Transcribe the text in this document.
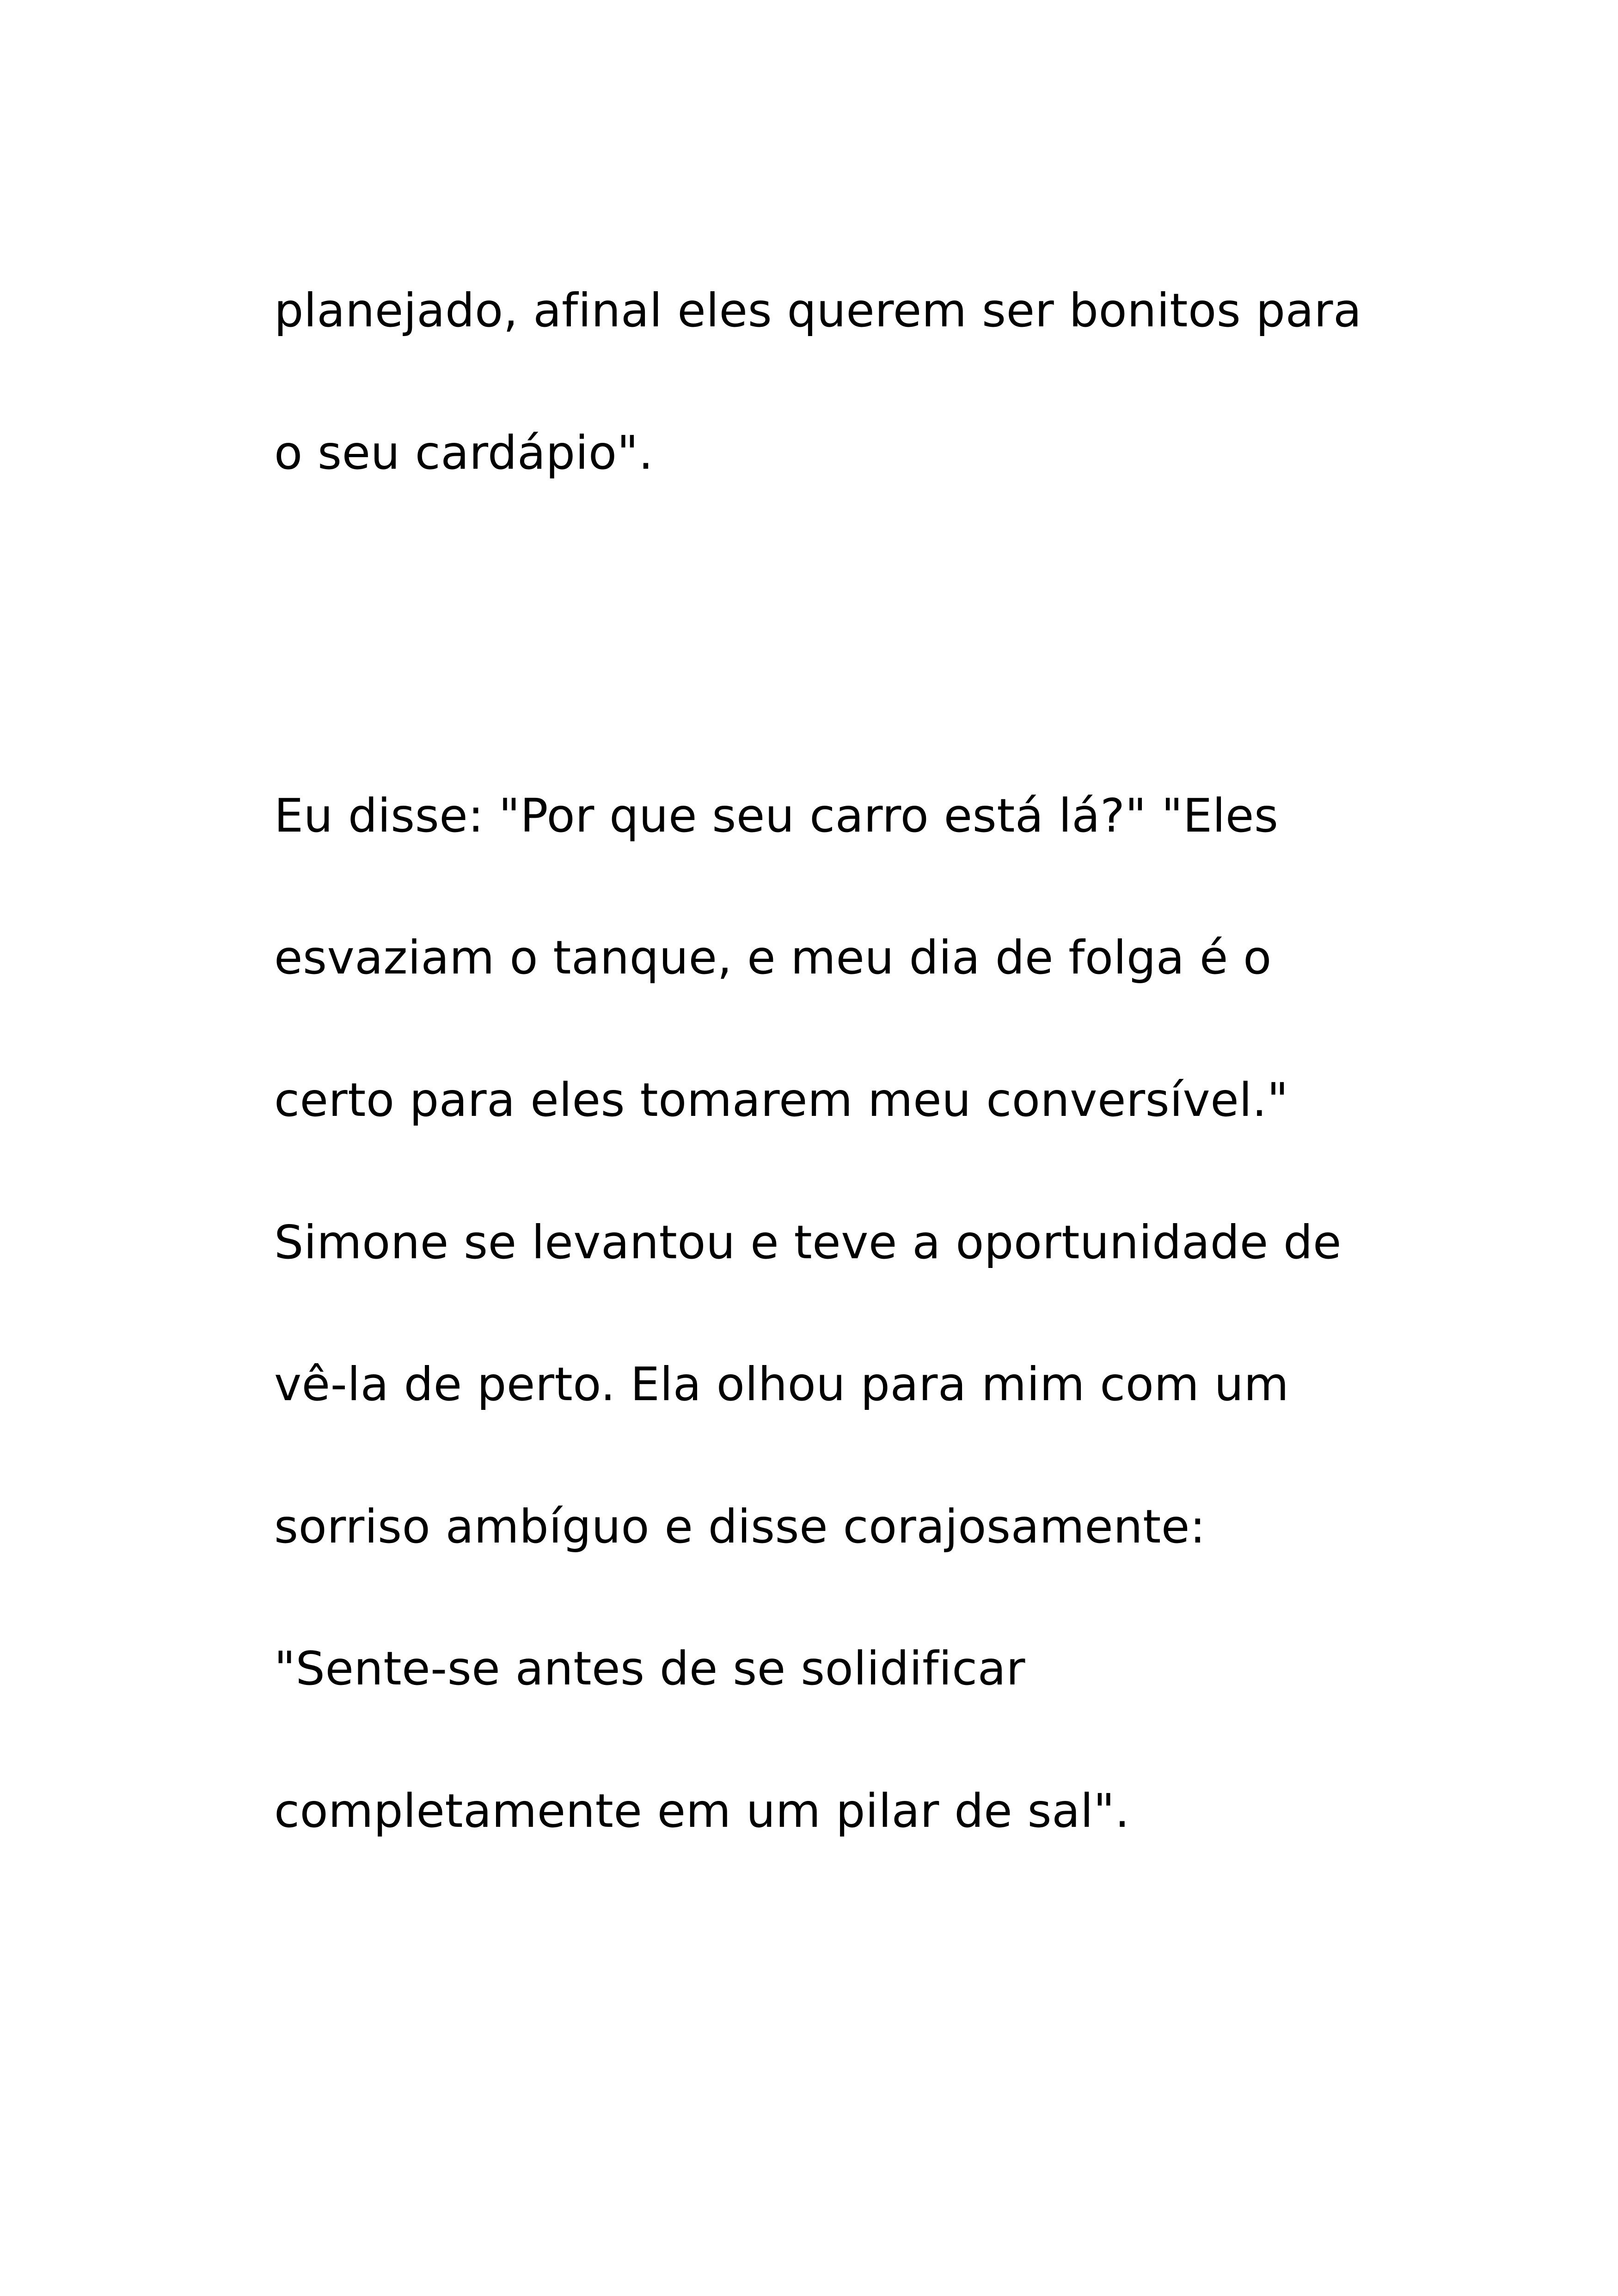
planejado, afinal eles querem ser bonitos para

o seu cardápio".

Eu disse: "Por que seu carro está lá?" "Eles

esvaziam o tanque, e meu dia de folga é o

certo para eles tomarem meu conversível."

Simone se levantou e teve a oportunidade de

vê-la de perto. Ela olhou para mim com um

sorriso ambíguo e disse corajosamente:

"Sente-se antes de se solidificar

completamente em um pilar de sal".
